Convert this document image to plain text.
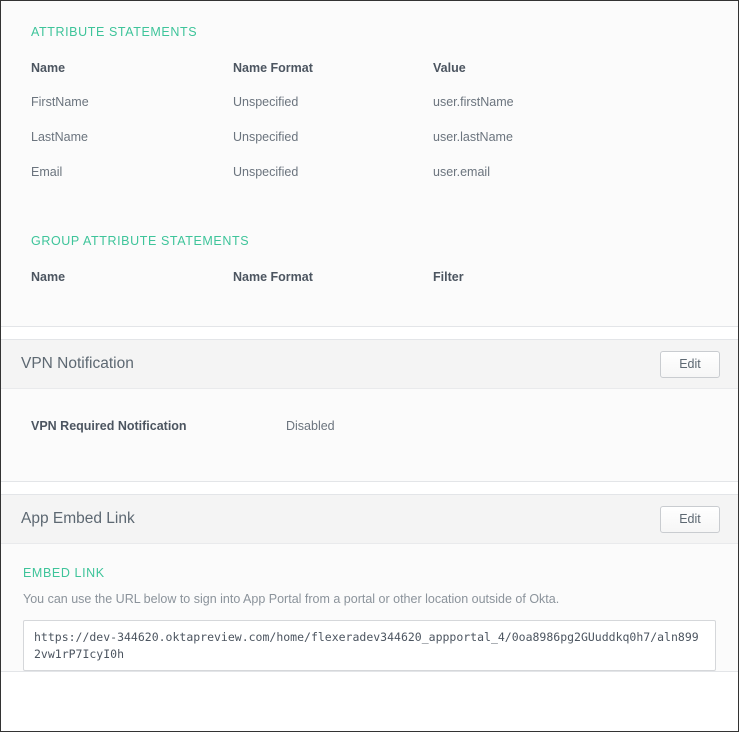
ATTRIBUTE STATEMENTS
Name	Name Format	Value
FirstName	Unspecified	user.firstName
LastName	Unspecified	user.lastName
Email	Unspecified	user.email
GROUP ATTRIBUTE STATEMENTS
Name	Name Format	Filter
VPN Notification	Edit
VPN Required Notification	Disabled
App Embed Link	Edit
EMBED LINK
You can use the URL below to sign into App Portal from a portal or other location outside of Okta.
https://dev-344620.oktapreview.com/home/flexeradev344620_appportal_4/0oa8986pg2GUuddkq0h7/aln8992vw1rP7IcyI0h
